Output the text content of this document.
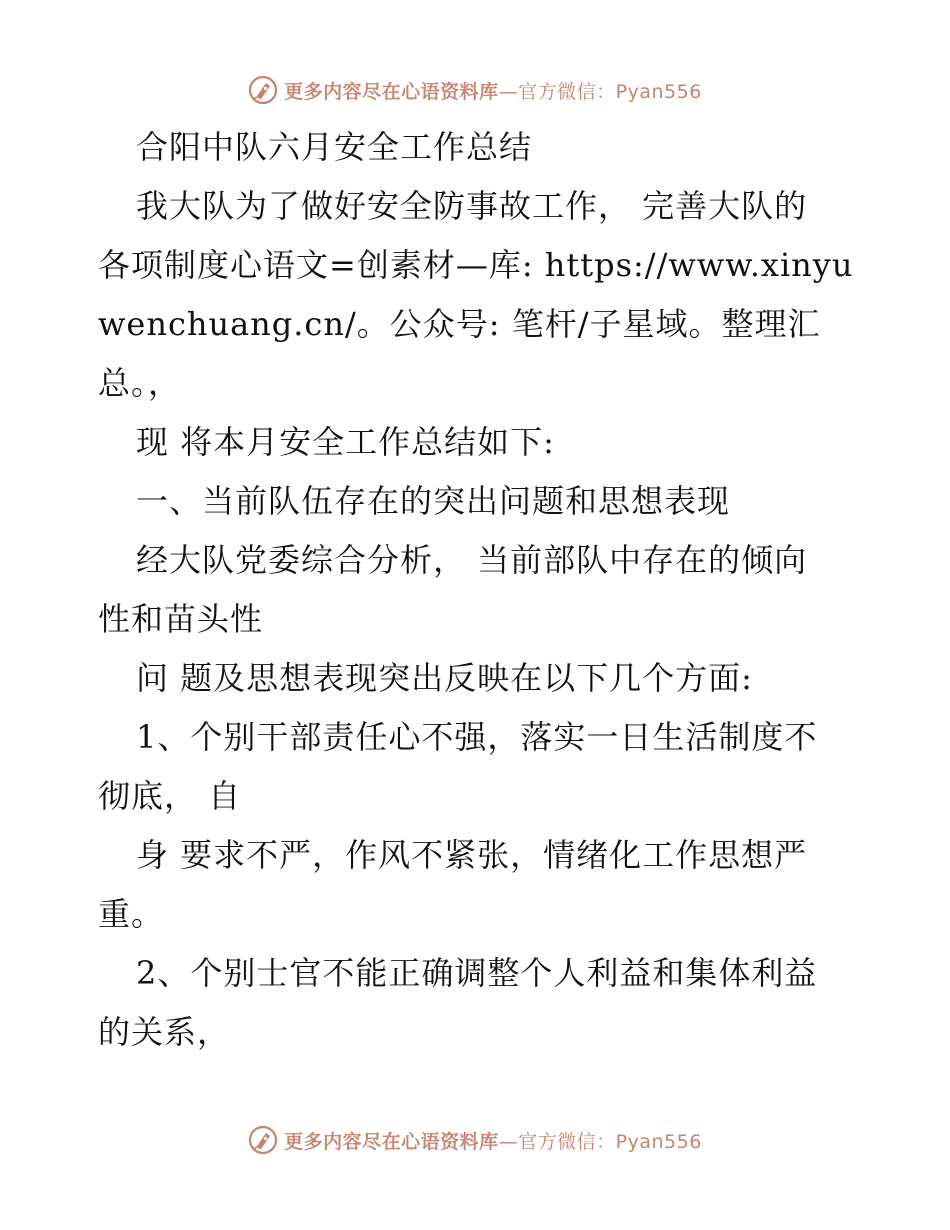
更多内容尽在心语资料库—官方微信：Pyan556
合阳中队六月安全工作总结
我大队为了做好安全防事故工作， 完善大队的
各项制度心语文=创素材—库: https://www.xinyu
wenchuang.cn/。公众号: 笔杆/子星域。整理汇
总。，
现 将本月安全工作总结如下:
一、当前队伍存在的突出问题和思想表现
经大队党委综合分析， 当前部队中存在的倾向
性和苗头性
问 题及思想表现突出反映在以下几个方面:
1、个别干部责任心不强，落实一日生活制度不
彻底， 自
身 要求不严，作风不紧张，情绪化工作思想严
重。
2、个别士官不能正确调整个人利益和集体利益
的关系，
更多内容尽在心语资料库—官方微信：Pyan556
